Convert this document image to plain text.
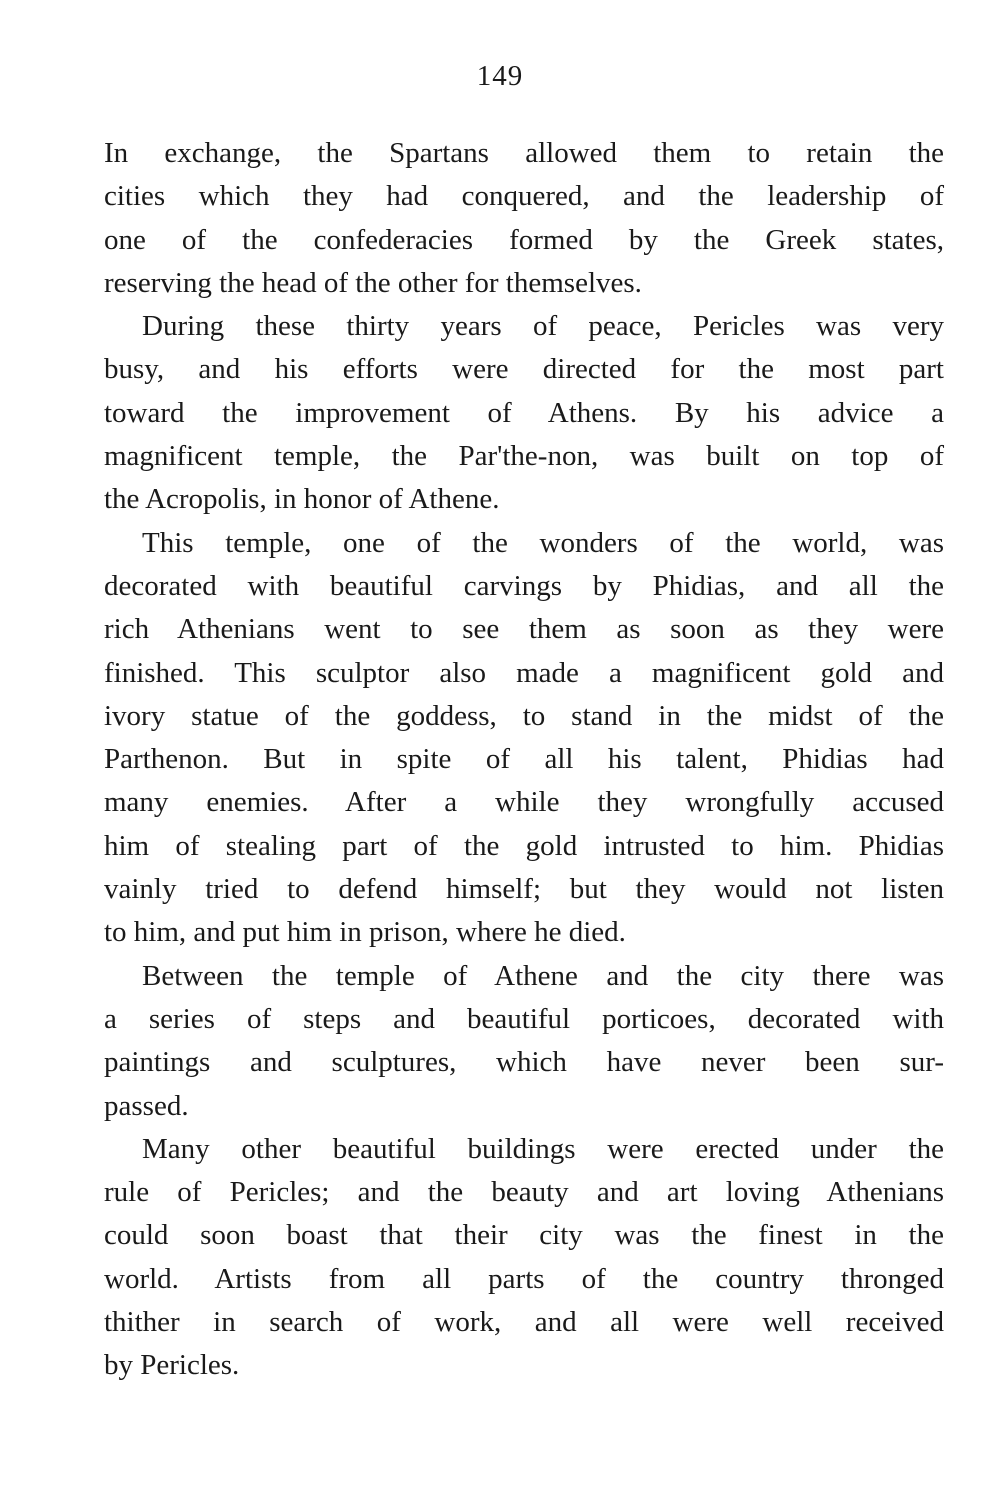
149

In exchange, the Spartans allowed them to retain the
cities which they had conquered, and the leadership of
one of the confederacies formed by the Greek states,
reserving the head of the other for themselves.

During these thirty years of peace, Pericles was very
busy, and his efforts were directed for the most part
toward the improvement of Athens. By his advice a
magnificent temple, the Par'the-non, was built on top of
the Acropolis, in honor of Athene.

This temple, one of the wonders of the world, was
decorated with beautiful carvings by Phidias, and all the
rich Athenians went to see them as soon as they were
finished. This sculptor also made a magnificent gold and
ivory statue of the goddess, to stand in the midst of the
Parthenon. But in spite of all his talent, Phidias had
many enemies. After a while they wrongfully accused
him of stealing part of the gold intrusted to him. Phidias
vainly tried to defend himself; but they would not listen
to him, and put him in prison, where he died.

Between the temple of Athene and the city there was
a series of steps and beautiful porticoes, decorated with
paintings and sculptures, which have never been sur-
passed.

Many other beautiful buildings were erected under the
rule of Pericles; and the beauty and art loving Athenians
could soon boast that their city was the finest in the
world. Artists from all parts of the country thronged
thither in search of work, and all were well received
by Pericles.
